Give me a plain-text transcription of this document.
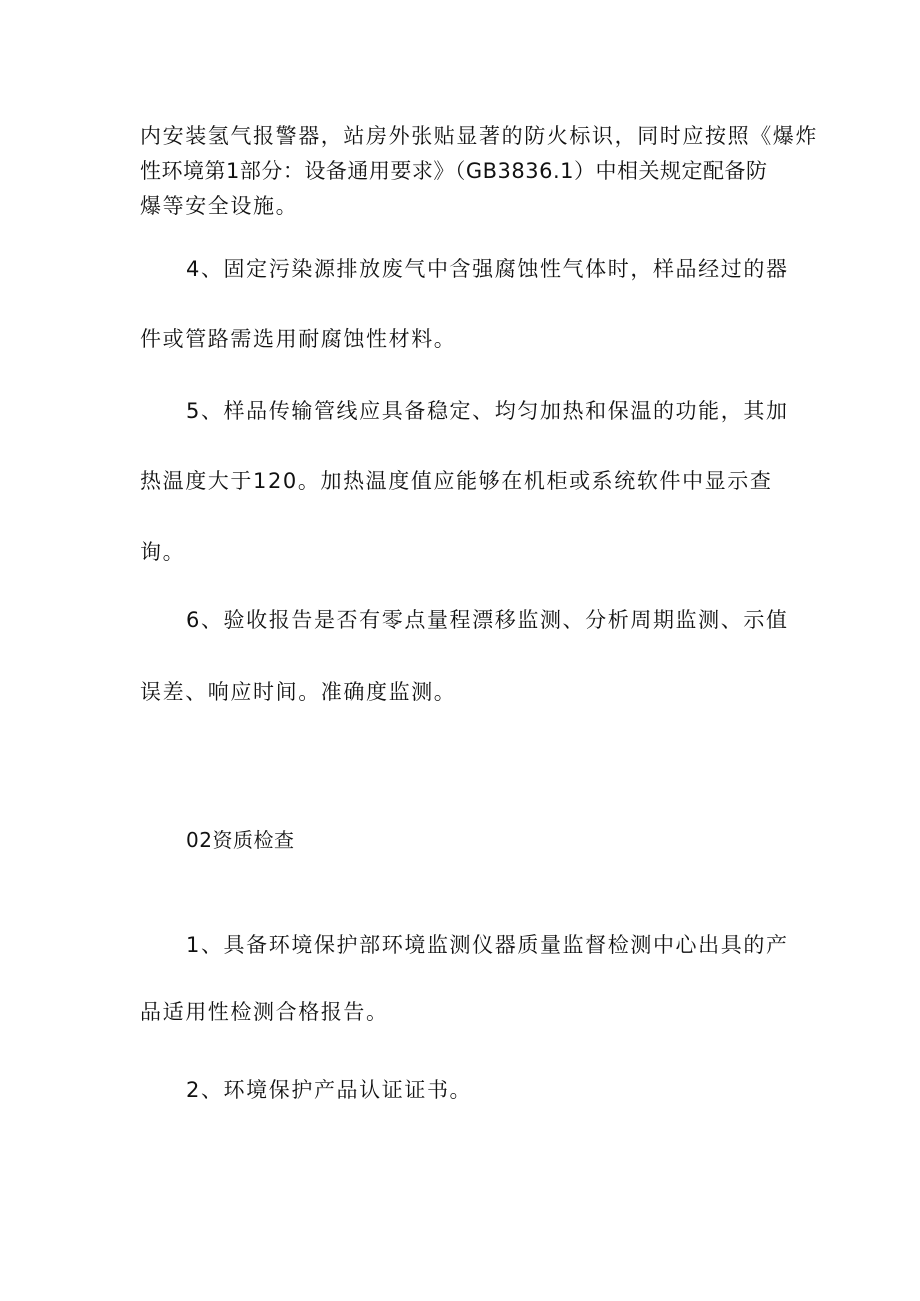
内安装氢气报警器，站房外张贴显著的防火标识，同时应按照《爆炸
性环境第1部分：设备通用要求》（GB3836.1）中相关规定配备防
爆等安全设施。
4、固定污染源排放废气中含强腐蚀性气体时，样品经过的器
件或管路需选用耐腐蚀性材料。
5、样品传输管线应具备稳定、均匀加热和保温的功能，其加
热温度大于120。加热温度值应能够在机柜或系统软件中显示查
询。
6、验收报告是否有零点量程漂移监测、分析周期监测、示值
误差、响应时间。准确度监测。
02资质检查
1、具备环境保护部环境监测仪器质量监督检测中心出具的产
品适用性检测合格报告。
2、环境保护产品认证证书。
